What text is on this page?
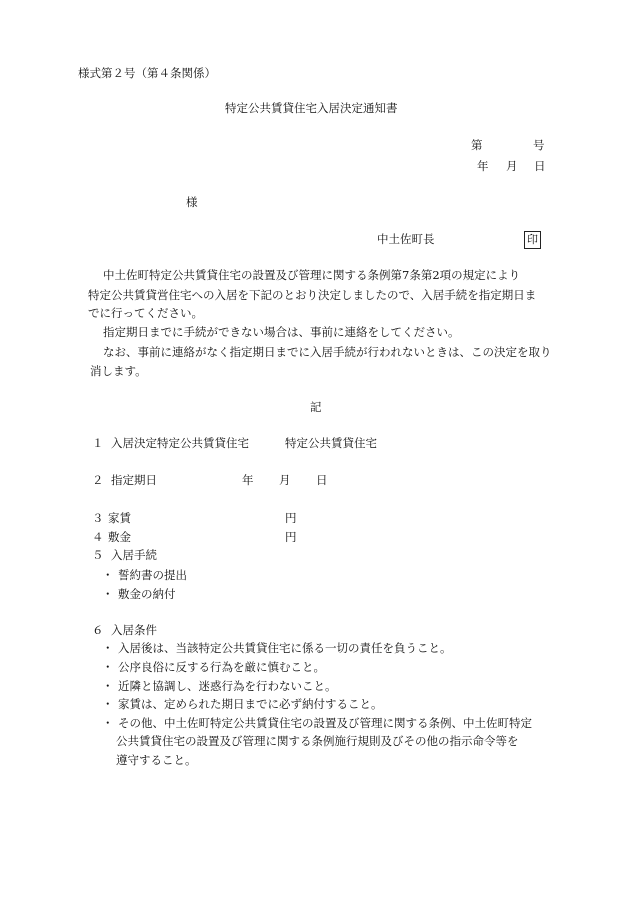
様式第２号（第４条関係）
特定公共賃貸住宅入居決定通知書
第	号
年 月 日
様
中土佐町長	印
中土佐町特定公共賃貸住宅の設置及び管理に関する条例第7条第2項の規定により
特定公共賃貸営住宅への入居を下記のとおり決定しましたので、入居手続を指定期日ま
でに行ってください。
指定期日までに手続ができない場合は、事前に連絡をしてください。
なお、事前に連絡がなく指定期日までに入居手続が行われないときは、この決定を取り
消します。
記
１ 入居決定特定公共賃貸住宅	特定公共賃貸住宅
２ 指定期日	年 月 日
３ 家賃	円
４ 敷金	円
５ 入居手続
・ 誓約書の提出
・ 敷金の納付
６ 入居条件
・ 入居後は、当該特定公共賃貸住宅に係る一切の責任を負うこと。
・ 公序良俗に反する行為を厳に慎むこと。
・ 近隣と協調し、迷惑行為を行わないこと。
・ 家賃は、定められた期日までに必ず納付すること。
・ その他、中土佐町特定公共賃貸住宅の設置及び管理に関する条例、中土佐町特定
公共賃貸住宅の設置及び管理に関する条例施行規則及びその他の指示命令等を
遵守すること。
